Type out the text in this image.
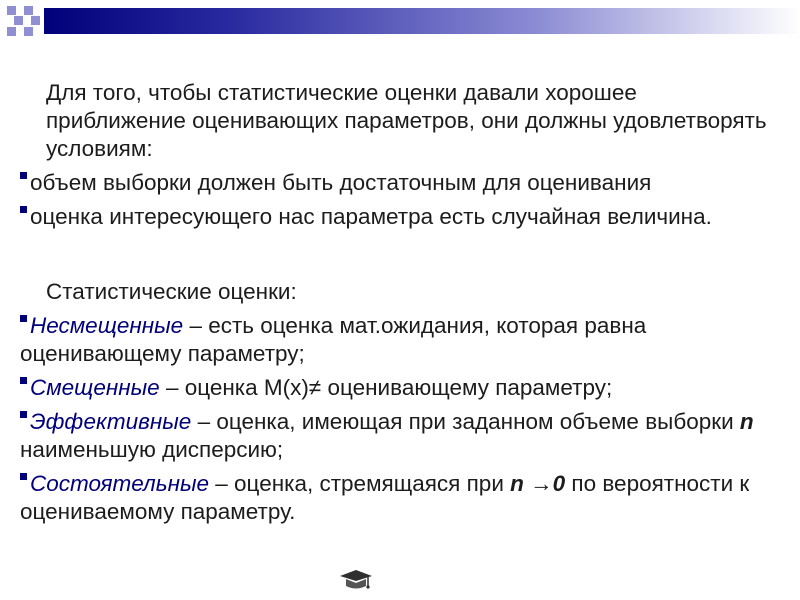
Для того, чтобы статистические оценки давали хорошее приближение оценивающих параметров, они должны удовлетворять условиям:

объем выборки должен быть достаточным для оценивания
оценка интересующего нас параметра есть случайная величина.

Статистические оценки:

Несмещенные – есть оценка мат.ожидания, которая равна оценивающему параметру;
Смещенные – оценка М(х)≠ оценивающему параметру;
Эффективные – оценка, имеющая при заданном объеме выборки n наименьшую дисперсию;
Состоятельные – оценка, стремящаяся при n →0 по вероятности к оцениваемому параметру.
